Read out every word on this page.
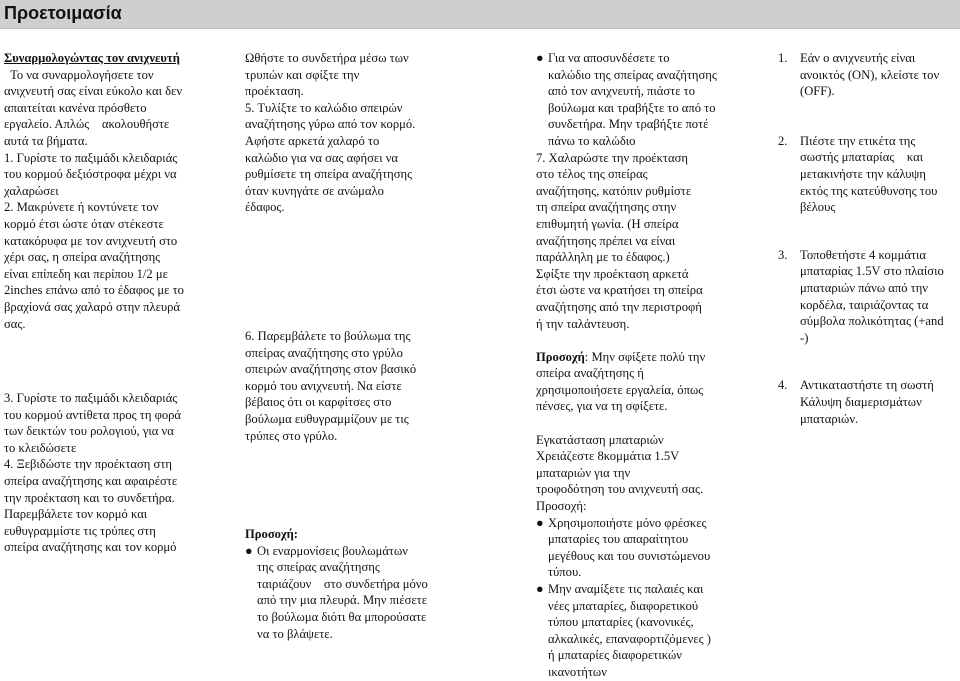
Προετοιμασία

Συναρμολογώντας τον ανιχνευτή

Το να συναρμολογήσετε τον

ανιχνευτή σας είναι εύκολο και δεν

απαιτείται κανένα πρόσθετο

εργαλείο. Απλώς    ακολουθήστε

αυτά τα βήματα.

1. Γυρίστε το παξιμάδι κλειδαριάς

του κορμού δεξιόστροφα μέχρι να

χαλαρώσει

2. Μακρύνετε ή κοντύνετε τον

κορμό έτσι ώστε όταν στέκεστε

κατακόρυφα με τον ανιχνευτή στο

χέρι σας, η σπείρα αναζήτησης

είναι επίπεδη και περίπου 1/2 με

2inches επάνω από το έδαφος με το

βραχίονά σας χαλαρό στην πλευρά

σας.

3. Γυρίστε το παξιμάδι κλειδαριάς

του κορμού αντίθετα προς τη φορά

των δεικτών του ρολογιού, για να

το κλειδώσετε

4. Ξεβιδώστε την προέκταση στη

σπείρα αναζήτησης και αφαιρέστε

την προέκταση και το συνδετήρα.

Παρεμβάλετε τον κορμό και

ευθυγραμμίστε τις τρύπες στη

σπείρα αναζήτησης και τον κορμό

Ωθήστε το συνδετήρα μέσω των

τρυπών και σφίξτε την

προέκταση.

5. Τυλίξτε το καλώδιο σπειρών

αναζήτησης γύρω από τον κορμό.

Αφήστε αρκετά χαλαρό το

καλώδιο για να σας αφήσει να

ρυθμίσετε τη σπείρα αναζήτησης

όταν κυνηγάτε σε ανώμαλο

έδαφος.

6. Παρεμβάλετε το βούλωμα της

σπείρας αναζήτησης στο γρύλο

σπειρών αναζήτησης στον βασικό

κορμό του ανιχνευτή. Να είστε

βέβαιος ότι οι καρφίτσες στο

βούλωμα ευθυγραμμίζουν με τις

τρύπες στο γρύλο.

Προσοχή:

● Οι εναρμονίσεις βουλωμάτων

της σπείρας αναζήτησης

ταιριάζουν    στο συνδετήρα μόνο

από την μια πλευρά. Μην πιέσετε

το βούλωμα διότι θα μπορούσατε

να το βλάψετε.

● Για να αποσυνδέσετε το

καλώδιο της σπείρας αναζήτησης

από τον ανιχνευτή, πιάστε το

βούλωμα και τραβήξτε το από το

συνδετήρα. Μην τραβήξτε ποτέ

πάνω το καλώδιο

7. Χαλαρώστε την προέκταση

στο τέλος της σπείρας

αναζήτησης, κατόπιν ρυθμίστε

τη σπείρα αναζήτησης στην

επιθυμητή γωνία. (Η σπείρα

αναζήτησης πρέπει να είναι

παράλληλη με το έδαφος.)

Σφίξτε την προέκταση αρκετά

έτσι ώστε να κρατήσει τη σπείρα

αναζήτησης από την περιστροφή

ή την ταλάντευση.

Προσοχή: Μην σφίξετε πολύ την

σπείρα αναζήτησης ή

χρησιμοποιήσετε εργαλεία, όπως

πένσες, για να τη σφίξετε.

Εγκατάσταση μπαταριών

Χρειάζεστε 8κομμάτια 1.5V

μπαταριών για την

τροφοδότηση του ανιχνευτή σας.

Προσοχή:

● Χρησιμοποιήστε μόνο φρέσκες

μπαταρίες του απαραίτητου

μεγέθους και του συνιστώμενου

τύπου.

● Μην αναμίξετε τις παλαιές και

νέες μπαταρίες, διαφορετικού

τύπου μπαταρίες (κανονικές,

αλκαλικές, επαναφορτιζόμενες )

ή μπαταρίες διαφορετικών

ικανοτήτων

1. Εάν ο ανιχνευτής είναι

ανοικτός (ON), κλείστε τον

(OFF).

2. Πιέστε την ετικέτα της

σωστής μπαταρίας    και

μετακινήστε την κάλυψη

εκτός της κατεύθυνσης του

βέλους

3. Τοποθετήστε 4 κομμάτια

μπαταρίας 1.5V στο πλαίσιο

μπαταριών πάνω από την

κορδέλα, ταιριάζοντας τα

σύμβολα πολικότητας (+and

-)

4. Αντικαταστήστε τη σωστή

Κάλυψη διαμερισμάτων

μπαταριών.
